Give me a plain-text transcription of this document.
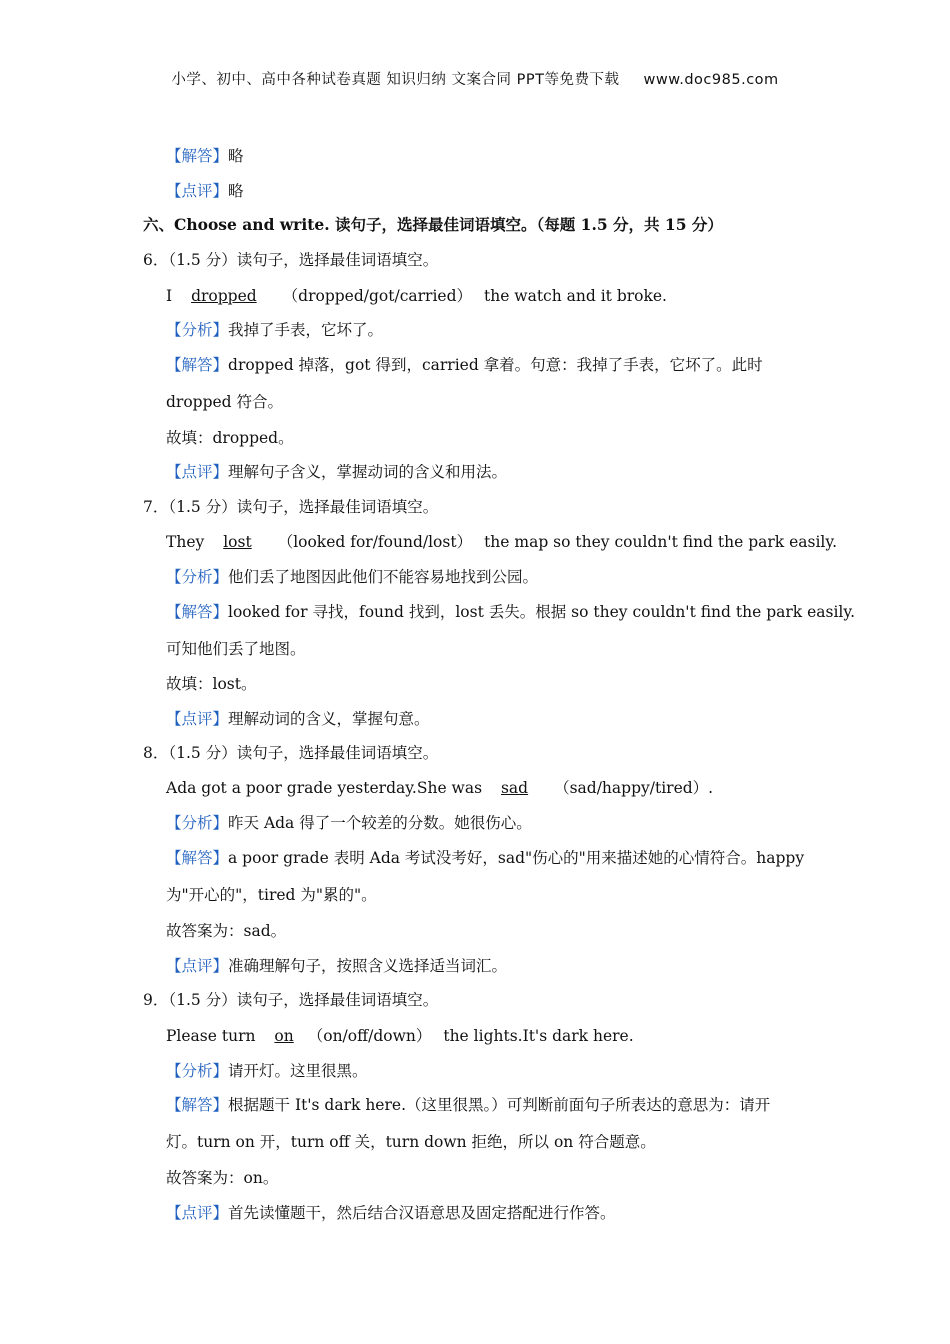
小学、初中、高中各种试卷真题 知识归纳 文案合同 PPT等免费下载 www.doc985.com
【解答】略
【点评】略
六、Choose and write. 读句子，选择最佳词语填空。（每题 1.5 分，共 15 分）
6．（1.5 分）读句子，选择最佳词语填空。
I dropped （dropped/got/carried） the watch and it broke.
【分析】我掉了手表，它坏了。
【解答】dropped 掉落，got 得到，carried 拿着。句意：我掉了手表，它坏了。此时
dropped 符合。
故填：dropped。
【点评】理解句子含义，掌握动词的含义和用法。
7．（1.5 分）读句子，选择最佳词语填空。
They lost （looked for/found/lost） the map so they couldn't find the park easily.
【分析】他们丢了地图因此他们不能容易地找到公园。
【解答】looked for 寻找，found 找到，lost 丢失。根据 so they couldn't find the park easily.
可知他们丢了地图。
故填：lost。
【点评】理解动词的含义，掌握句意。
8．（1.5 分）读句子，选择最佳词语填空。
Ada got a poor grade yesterday.She was sad （sad/happy/tired）.
【分析】昨天 Ada 得了一个较差的分数。她很伤心。
【解答】a poor grade 表明 Ada 考试没考好，sad"伤心的"用来描述她的心情符合。happy
为"开心的"，tired 为"累的"。
故答案为：sad。
【点评】准确理解句子，按照含义选择适当词汇。
9．（1.5 分）读句子，选择最佳词语填空。
Please turn on （on/off/down） the lights.It's dark here.
【分析】请开灯。这里很黑。
【解答】根据题干 It's dark here.（这里很黑。）可判断前面句子所表达的意思为：请开
灯。turn on 开，turn off 关，turn down 拒绝，所以 on 符合题意。
故答案为：on。
【点评】首先读懂题干，然后结合汉语意思及固定搭配进行作答。
